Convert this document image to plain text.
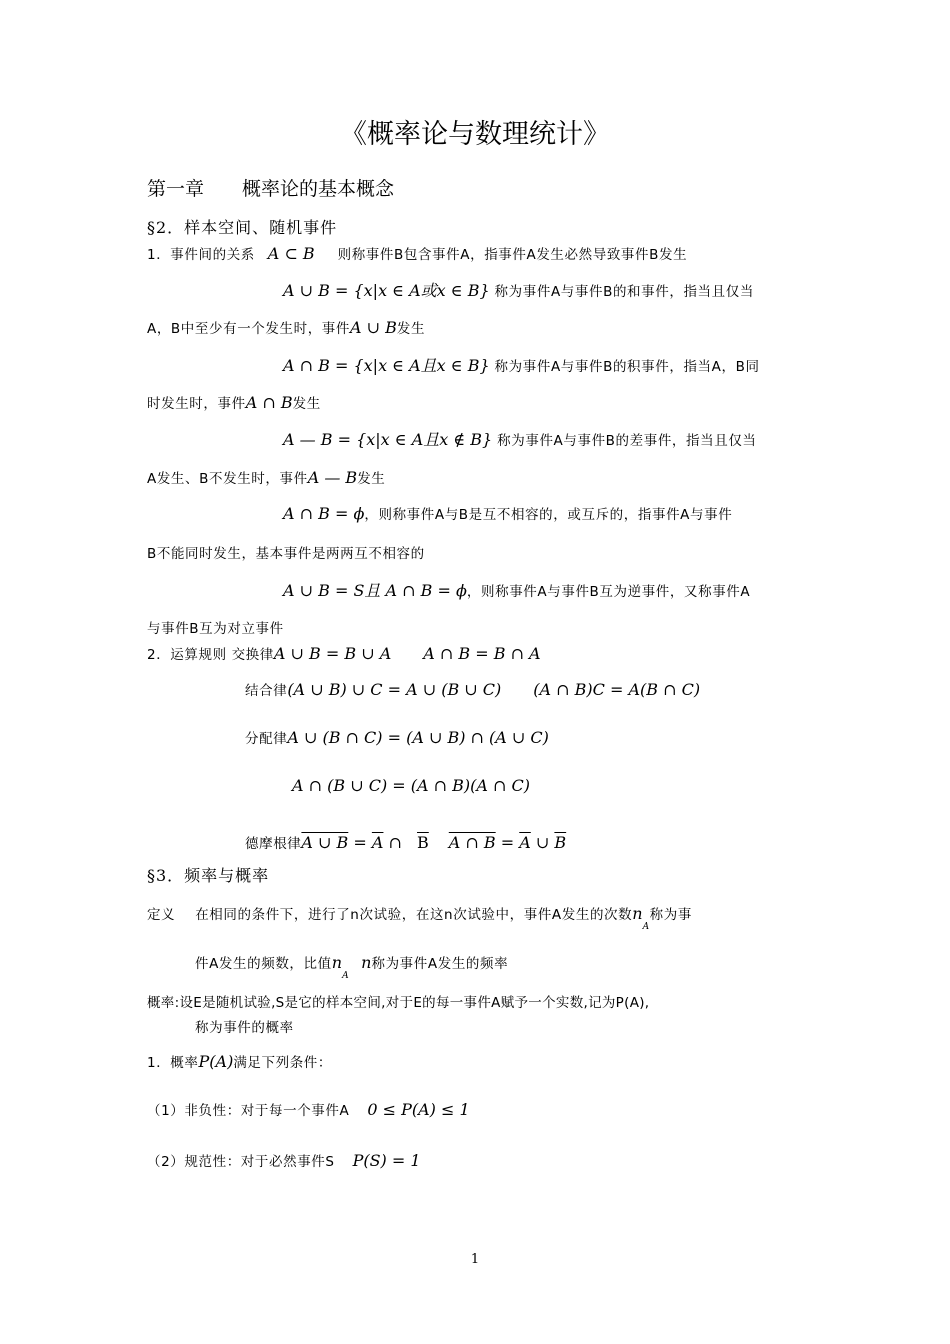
《概率论与数理统计》
第一章　　概率论的基本概念
§2．样本空间、随机事件
1．事件间的关系 A ⊂ B 则称事件B包含事件A，指事件A发生必然导致事件B发生
A ∪ B = {x|x ∈ A或x ∈ B} 称为事件A与事件B的和事件，指当且仅当
A，B中至少有一个发生时，事件A ∪ B发生
A ∩ B = {x|x ∈ A且x ∈ B} 称为事件A与事件B的积事件，指当A，B同
时发生时，事件A ∩ B发生
A — B = {x|x ∈ A且x ∉ B} 称为事件A与事件B的差事件，指当且仅当
A发生、B不发生时，事件A — B发生
A ∩ B = ϕ，则称事件A与B是互不相容的，或互斥的，指事件A与事件
B不能同时发生，基本事件是两两互不相容的
A ∪ B = S且 A ∩ B = ϕ，则称事件A与事件B互为逆事件，又称事件A
与事件B互为对立事件
2．运算规则 交换律A ∪ B = B ∪ A　　A ∩ B = B ∩ A
结合律(A ∪ B) ∪ C = A ∪ (B ∪ C)　　(A ∩ B)C = A(B ∩ C)
分配律A ∪ (B ∩ C) = (A ∪ B) ∩ (A ∪ C)
A ∩ (B ∪ C) = (A ∩ B)(A ∩ C)
德摩根律A ∪ $B = \overline{A}$ ∩ $\overline{B}$ A ∩ $B = \overline{A}$ ∪ $\overline{B}$
§3．频率与概率
定义 在相同的条件下，进行了n次试验，在这n次试验中，事件A发生的次数$n_A$称为事
件A发生的频数，比值$n_An$称为事件A发生的频率
概率:设E是随机试验,S是它的样本空间,对于E的每一事件A赋予一个实数,记为P(A),
称为事件的概率
1．概率P(A)满足下列条件：
（1）非负性：对于每一个事件A 0 ≤ P(A) ≤ 1
（2）规范性：对于必然事件S P(S) = 1
1
